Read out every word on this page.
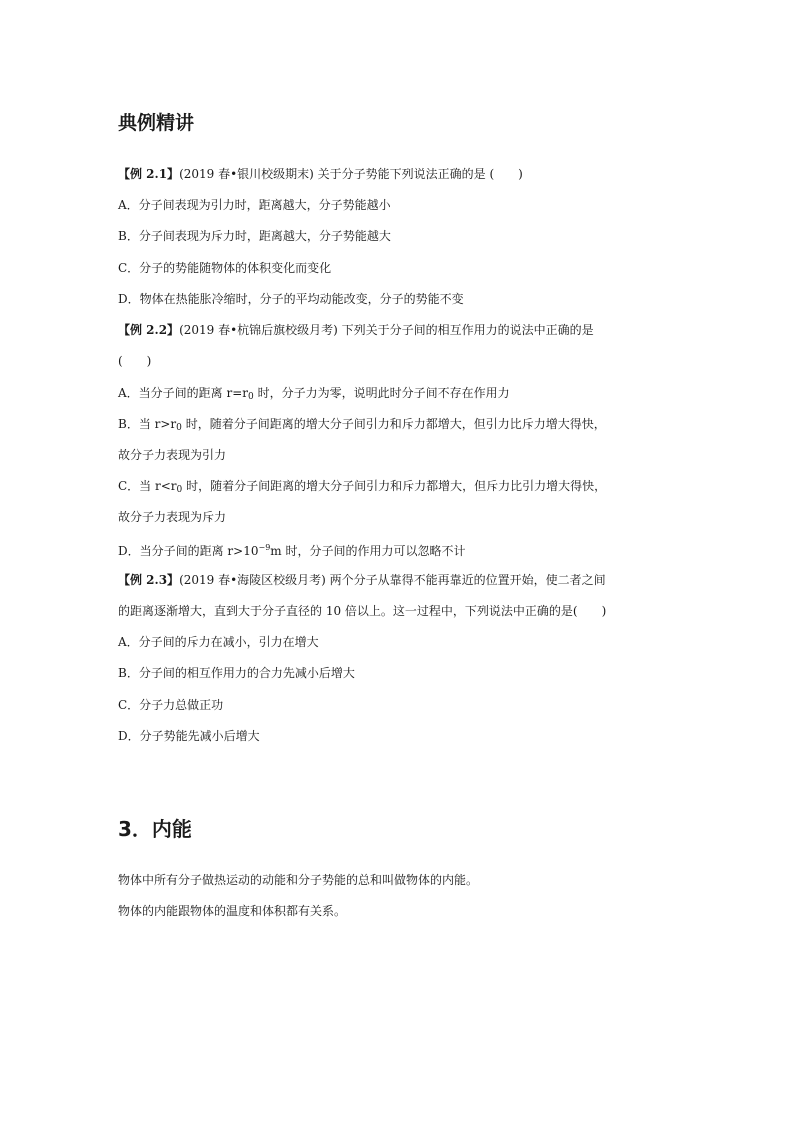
典例精讲
【例 2.1】(2019 春•银川校级期末) 关于分子势能下列说法正确的是 (　　)
A．分子间表现为引力时，距离越大，分子势能越小
B．分子间表现为斥力时，距离越大，分子势能越大
C．分子的势能随物体的体积变化而变化
D．物体在热能胀冷缩时，分子的平均动能改变，分子的势能不变
【例 2.2】(2019 春•杭锦后旗校级月考) 下列关于分子间的相互作用力的说法中正确的是
(　　)
A．当分子间的距离 $r=r_0$ 时，分子力为零，说明此时分子间不存在作用力
B．当 $r>r_0$ 时，随着分子间距离的增大分子间引力和斥力都增大，但引力比斥力增大得快，
故分子力表现为引力
C．当 $r<r_0$ 时，随着分子间距离的增大分子间引力和斥力都增大，但斥力比引力增大得快，
故分子力表现为斥力
D．当分子间的距离 $r>10^{-9}m$ 时，分子间的作用力可以忽略不计
【例 2.3】(2019 春•海陵区校级月考) 两个分子从靠得不能再靠近的位置开始，使二者之间
的距离逐渐增大，直到大于分子直径的 10 倍以上。这一过程中，下列说法中正确的是(　　)
A．分子间的斥力在减小，引力在增大
B．分子间的相互作用力的合力先减小后增大
C．分子力总做正功
D．分子势能先减小后增大
3．内能
物体中所有分子做热运动的动能和分子势能的总和叫做物体的内能。
物体的内能跟物体的温度和体积都有关系。
